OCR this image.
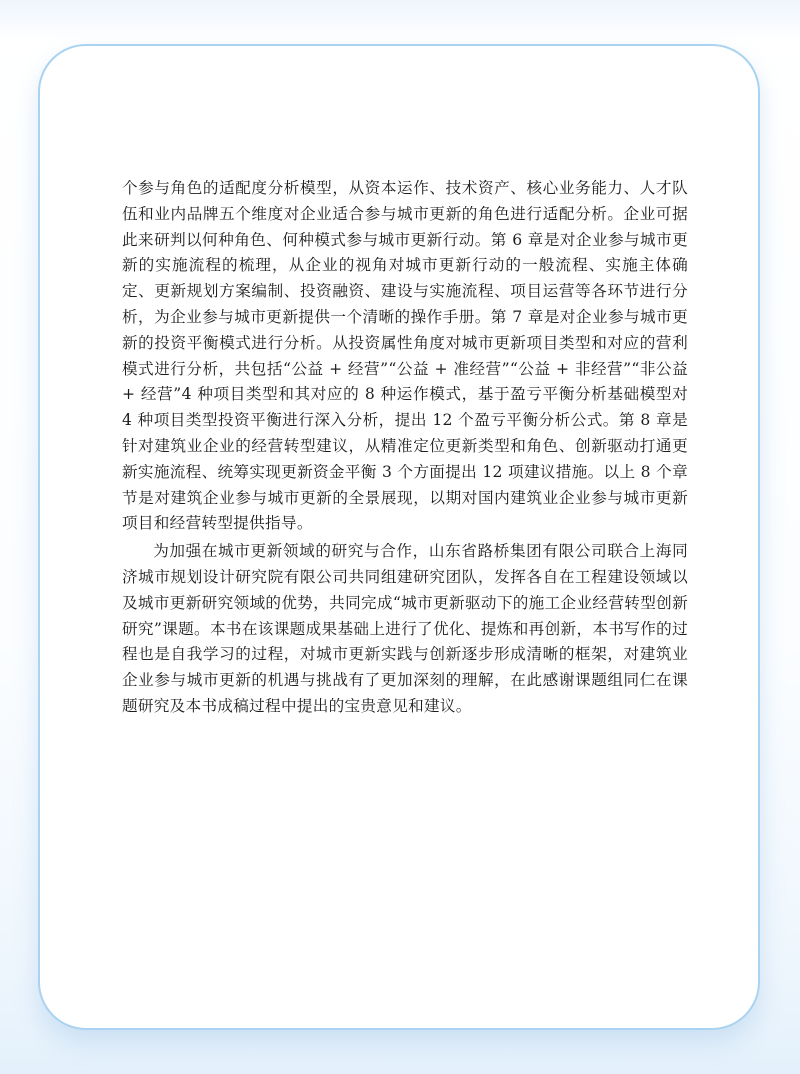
个参与角色的适配度分析模型，从资本运作、技术资产、核心业务能力、人才队伍和业内品牌五个维度对企业适合参与城市更新的角色进行适配分析。企业可据此来研判以何种角色、何种模式参与城市更新行动。第 6 章是对企业参与城市更新的实施流程的梳理，从企业的视角对城市更新行动的一般流程、实施主体确定、更新规划方案编制、投资融资、建设与实施流程、项目运营等各环节进行分析，为企业参与城市更新提供一个清晰的操作手册。第 7 章是对企业参与城市更新的投资平衡模式进行分析。从投资属性角度对城市更新项目类型和对应的营利模式进行分析，共包括“公益 + 经营”“公益 + 准经营”“公益 + 非经营”“非公益 + 经营”4 种项目类型和其对应的 8 种运作模式，基于盈亏平衡分析基础模型对 4 种项目类型投资平衡进行深入分析，提出 12 个盈亏平衡分析公式。第 8 章是针对建筑业企业的经营转型建议，从精准定位更新类型和角色、创新驱动打通更新实施流程、统筹实现更新资金平衡 3 个方面提出 12 项建议措施。以上 8 个章节是对建筑企业参与城市更新的全景展现，以期对国内建筑业企业参与城市更新项目和经营转型提供指导。

为加强在城市更新领域的研究与合作，山东省路桥集团有限公司联合上海同济城市规划设计研究院有限公司共同组建研究团队，发挥各自在工程建设领域以及城市更新研究领域的优势，共同完成“城市更新驱动下的施工企业经营转型创新研究”课题。本书在该课题成果基础上进行了优化、提炼和再创新，本书写作的过程也是自我学习的过程，对城市更新实践与创新逐步形成清晰的框架，对建筑业企业参与城市更新的机遇与挑战有了更加深刻的理解，在此感谢课题组同仁在课题研究及本书成稿过程中提出的宝贵意见和建议。
